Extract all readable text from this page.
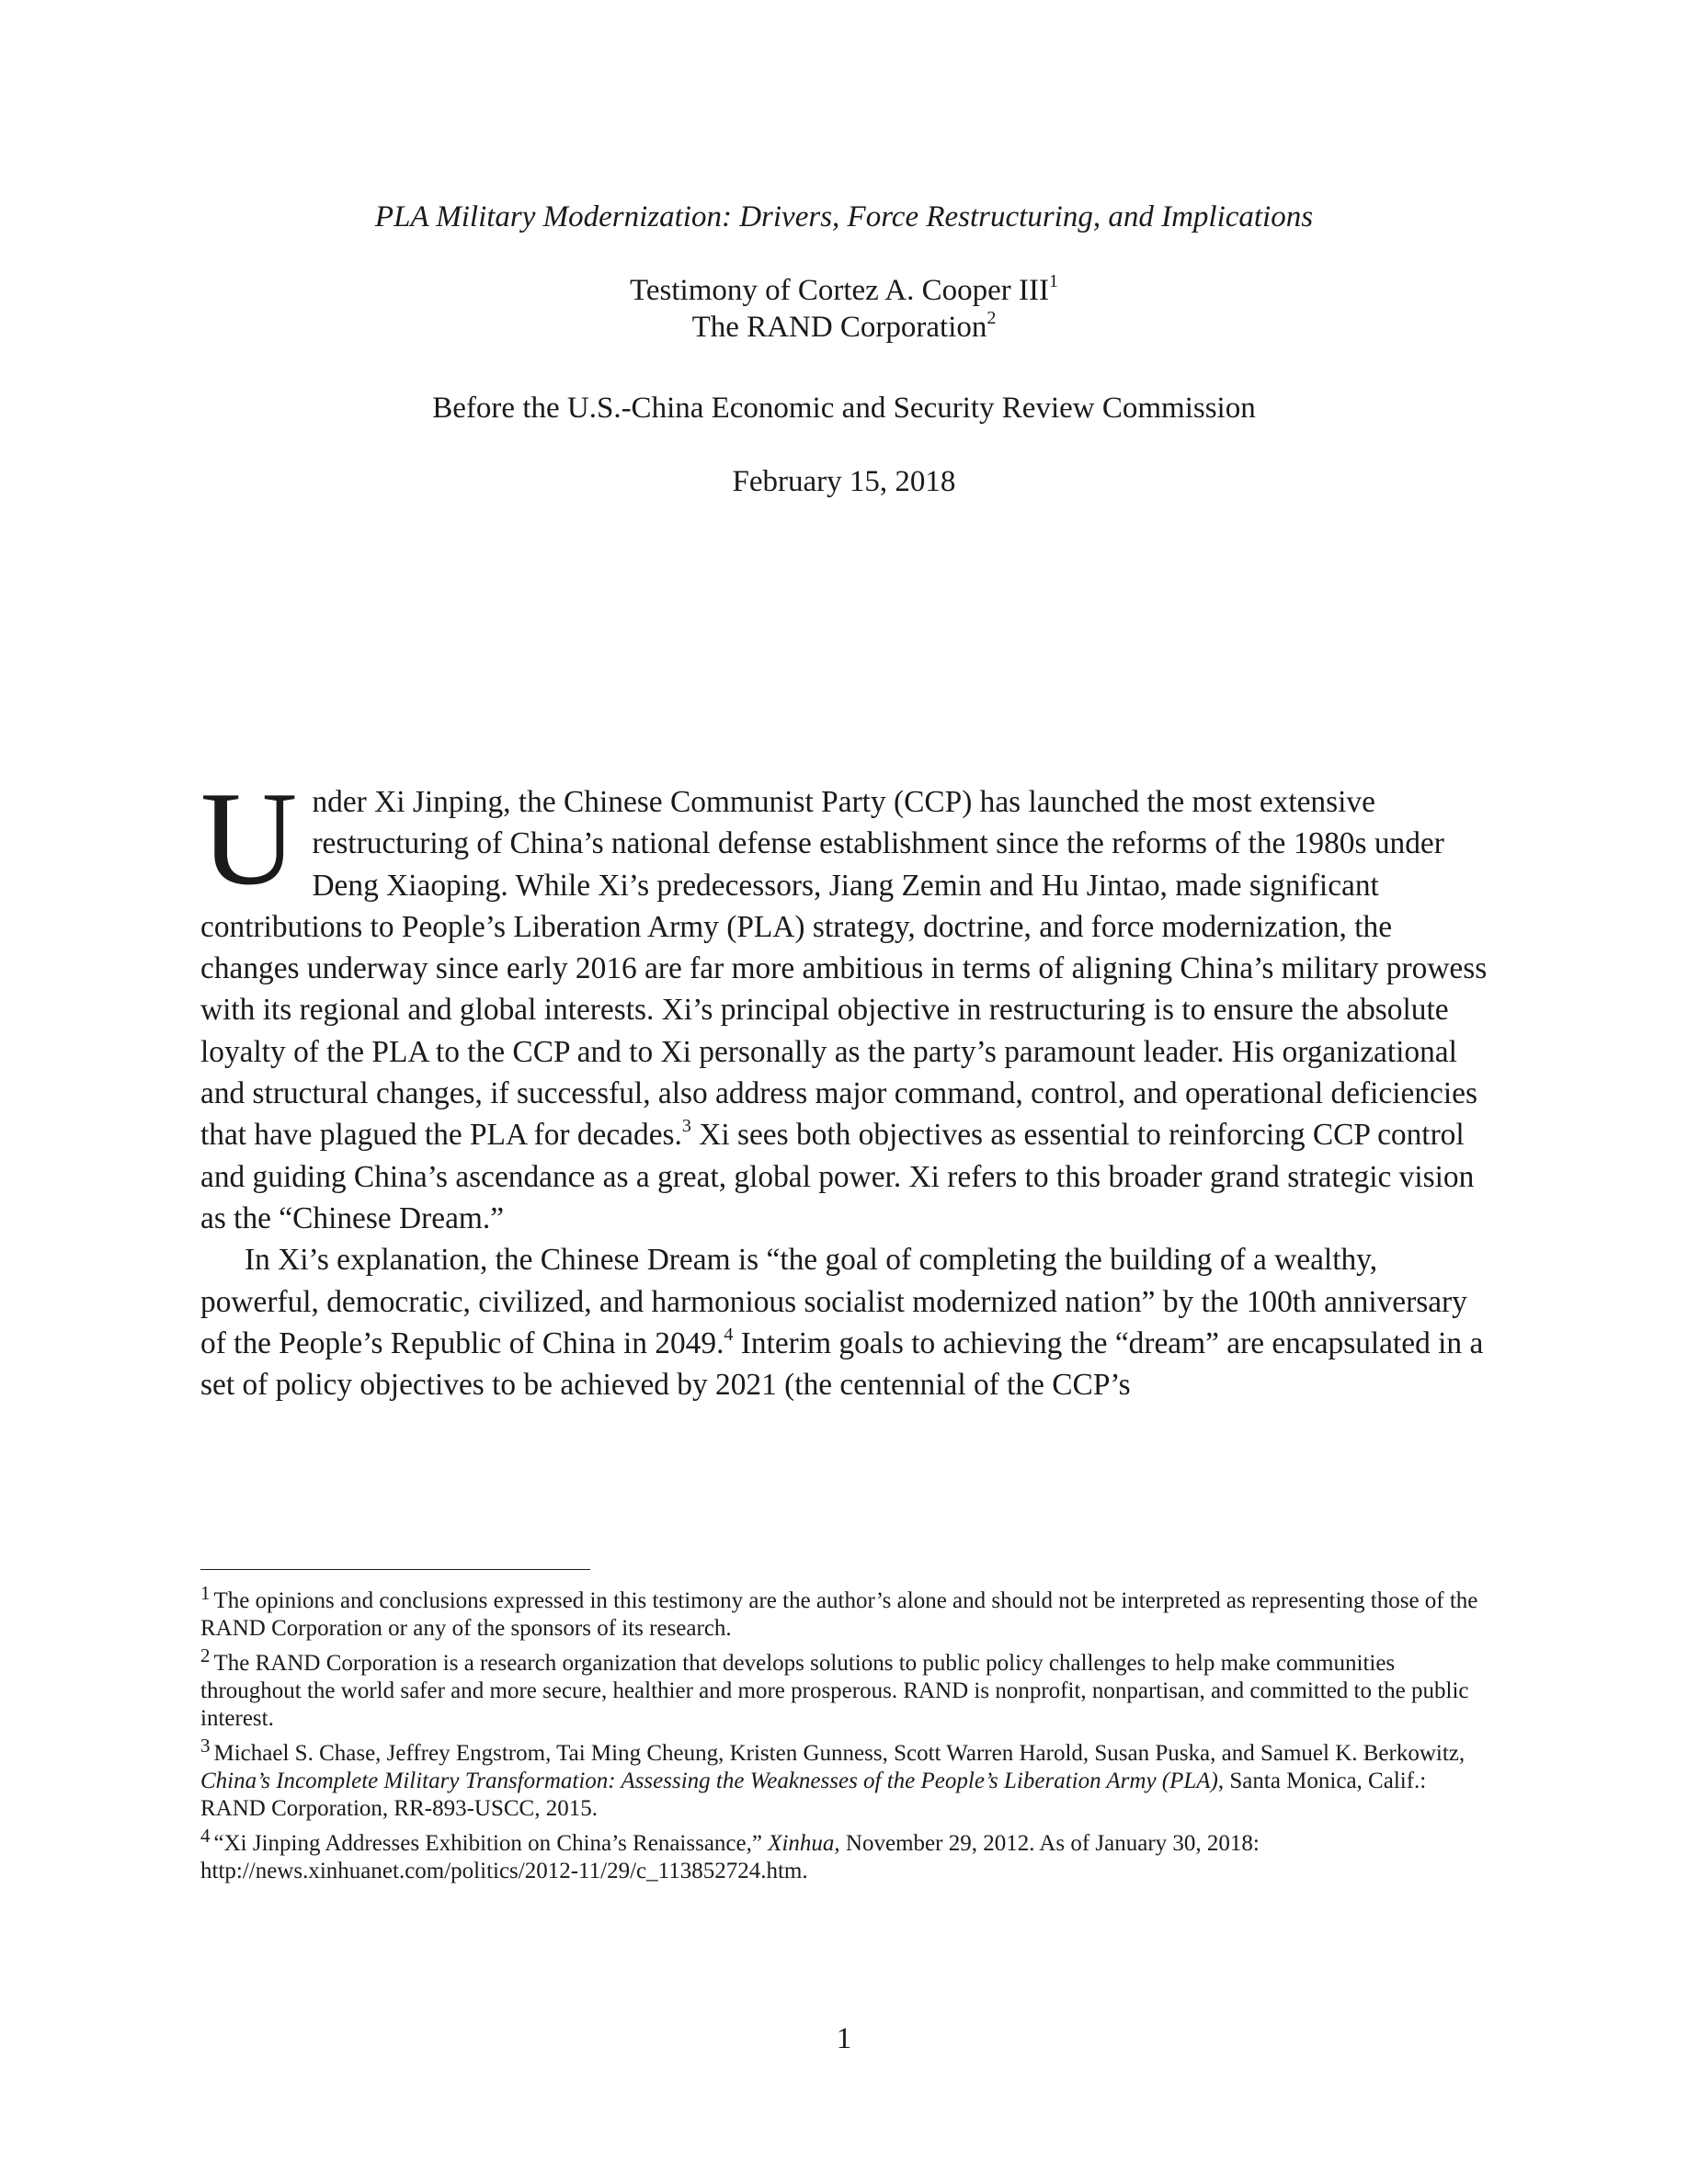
PLA Military Modernization: Drivers, Force Restructuring, and Implications
Testimony of Cortez A. Cooper III$^1$
The RAND Corporation$^2$
Before the U.S.-China Economic and Security Review Commission
February 15, 2018

Under Xi Jinping, the Chinese Communist Party (CCP) has launched the most extensive restructuring of China’s national defense establishment since the reforms of the 1980s under Deng Xiaoping. While Xi’s predecessors, Jiang Zemin and Hu Jintao, made significant contributions to People’s Liberation Army (PLA) strategy, doctrine, and force modernization, the changes underway since early 2016 are far more ambitious in terms of aligning China’s military prowess with its regional and global interests. Xi’s principal objective in restructuring is to ensure the absolute loyalty of the PLA to the CCP and to Xi personally as the party’s paramount leader. His organizational and structural changes, if successful, also address major command, control, and operational deficiencies that have plagued the PLA for decades.$^3$ Xi sees both objectives as essential to reinforcing CCP control and guiding China’s ascendance as a great, global power. Xi refers to this broader grand strategic vision as the “Chinese Dream.”

In Xi’s explanation, the Chinese Dream is “the goal of completing the building of a wealthy, powerful, democratic, civilized, and harmonious socialist modernized nation” by the 100th anniversary of the People’s Republic of China in 2049.$^4$ Interim goals to achieving the “dream” are encapsulated in a set of policy objectives to be achieved by 2021 (the centennial of the CCP’s

$^1$ The opinions and conclusions expressed in this testimony are the author’s alone and should not be interpreted as representing those of the RAND Corporation or any of the sponsors of its research.
$^2$ The RAND Corporation is a research organization that develops solutions to public policy challenges to help make communities throughout the world safer and more secure, healthier and more prosperous. RAND is nonprofit, nonpartisan, and committed to the public interest.
$^3$ Michael S. Chase, Jeffrey Engstrom, Tai Ming Cheung, Kristen Gunness, Scott Warren Harold, Susan Puska, and Samuel K. Berkowitz, China’s Incomplete Military Transformation: Assessing the Weaknesses of the People’s Liberation Army (PLA), Santa Monica, Calif.: RAND Corporation, RR-893-USCC, 2015.
$^4$ “Xi Jinping Addresses Exhibition on China’s Renaissance,” Xinhua, November 29, 2012. As of January 30, 2018: http://news.xinhuanet.com/politics/2012-11/29/c_113852724.htm.
1
